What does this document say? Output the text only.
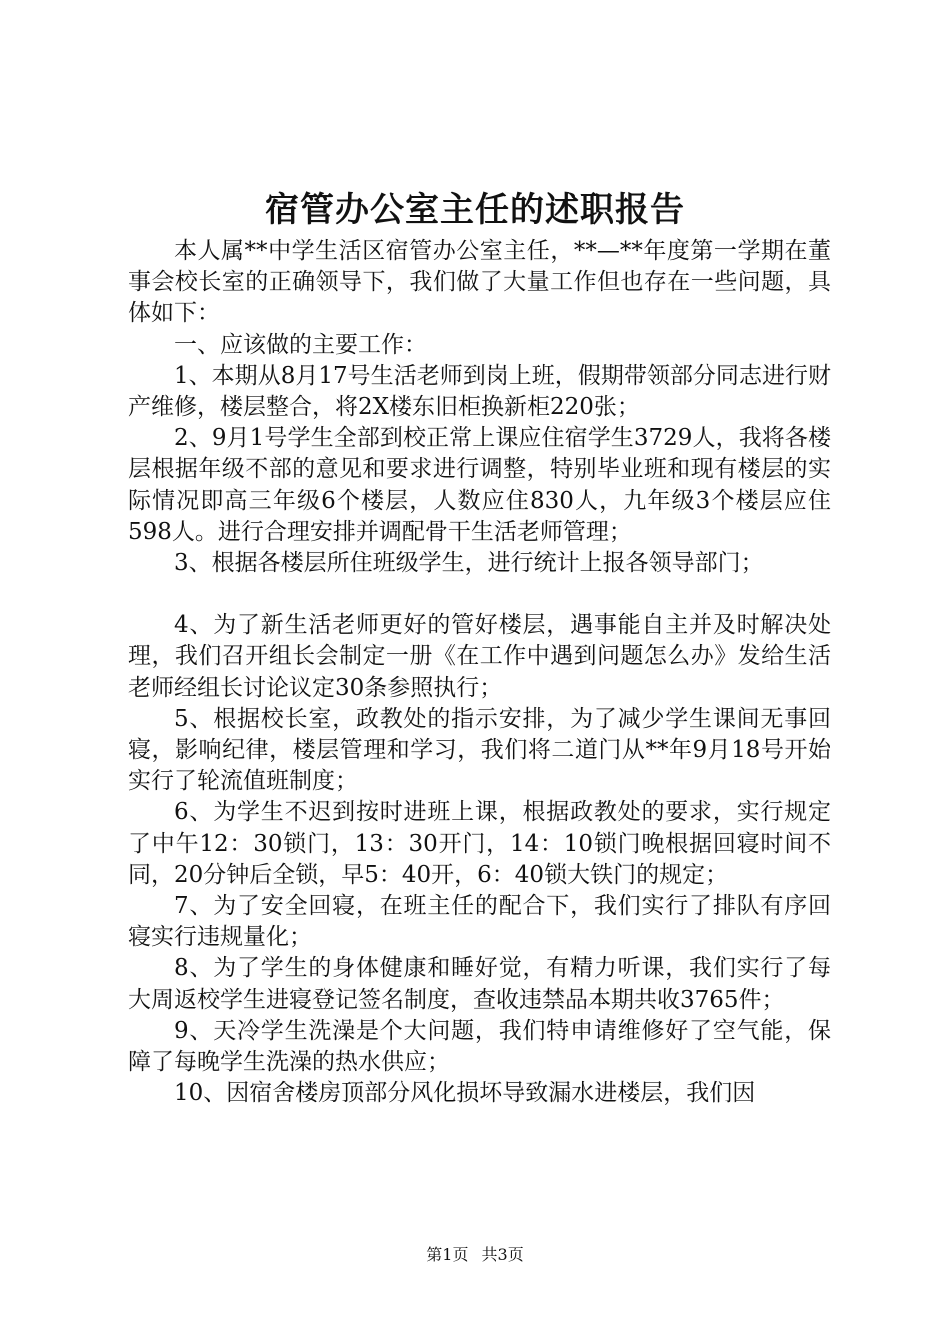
宿管办公室主任的述职报告

本人属**中学生活区宿管办公室主任，**—**年度第一学期在董事会校长室的正确领导下，我们做了大量工作但也存在一些问题，具体如下：

一、应该做的主要工作：

1、本期从8月17号生活老师到岗上班，假期带领部分同志进行财产维修，楼层整合，将2X楼东旧柜换新柜220张；

2、9月1号学生全部到校正常上课应住宿学生3729人，我将各楼层根据年级不部的意见和要求进行调整，特别毕业班和现有楼层的实际情况即高三年级6个楼层，人数应住830人，九年级3个楼层应住598人。进行合理安排并调配骨干生活老师管理；

3、根据各楼层所住班级学生，进行统计上报各领导部门；

4、为了新生活老师更好的管好楼层，遇事能自主并及时解决处理，我们召开组长会制定一册《在工作中遇到问题怎么办》发给生活老师经组长讨论议定30条参照执行；

5、根据校长室，政教处的指示安排，为了减少学生课间无事回寝，影响纪律，楼层管理和学习，我们将二道门从**年9月18号开始实行了轮流值班制度；

6、为学生不迟到按时进班上课，根据政教处的要求，实行规定了中午12：30锁门，13：30开门，14：10锁门晚根据回寝时间不同，20分钟后全锁，早5：40开，6：40锁大铁门的规定；

7、为了安全回寝，在班主任的配合下，我们实行了排队有序回寝实行违规量化；

8、为了学生的身体健康和睡好觉，有精力听课，我们实行了每大周返校学生进寝登记签名制度，查收违禁品本期共收3765件；

9、天冷学生洗澡是个大问题，我们特申请维修好了空气能，保障了每晚学生洗澡的热水供应；

10、因宿舍楼房顶部分风化损坏导致漏水进楼层，我们因

第1页 共3页
